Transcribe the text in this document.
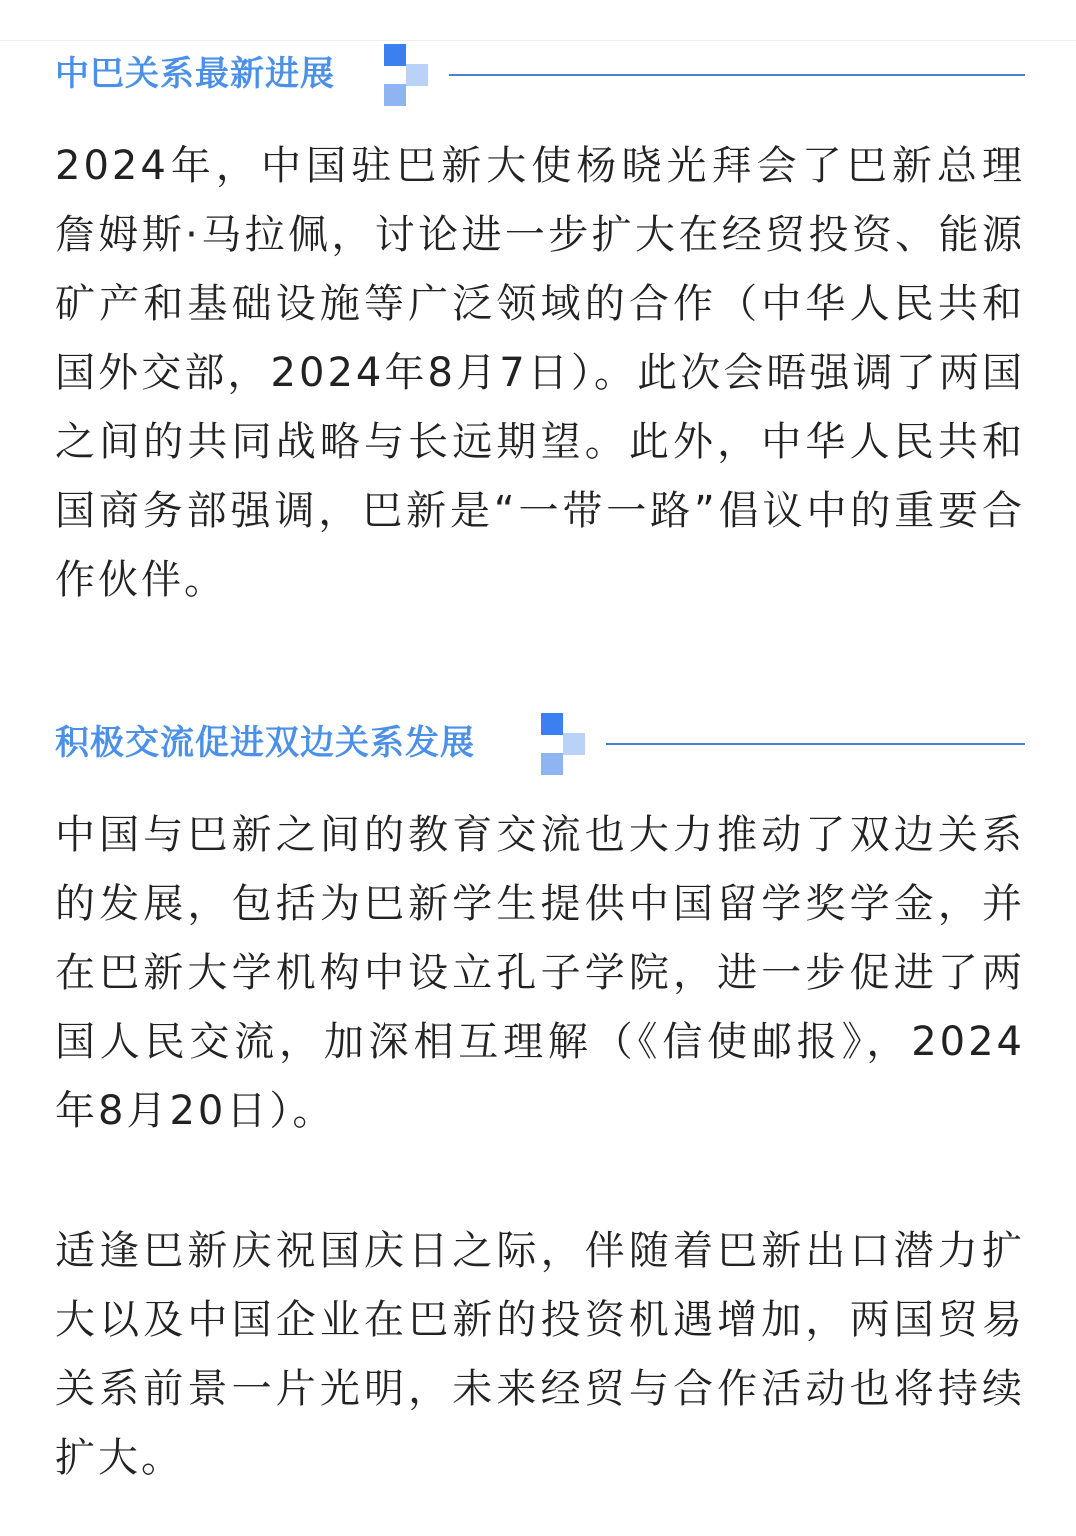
中巴关系最新进展

2024年，中国驻巴新大使杨晓光拜会了巴新总理詹姆斯·马拉佩，讨论进一步扩大在经贸投资、能源矿产和基础设施等广泛领域的合作（中华人民共和国外交部，2024年8月7日）。此次会晤强调了两国之间的共同战略与长远期望。此外，中华人民共和国商务部强调，巴新是“一带一路”倡议中的重要合作伙伴。

积极交流促进双边关系发展

中国与巴新之间的教育交流也大力推动了双边关系的发展，包括为巴新学生提供中国留学奖学金，并在巴新大学机构中设立孔子学院，进一步促进了两国人民交流，加深相互理解（《信使邮报》，2024年8月20日）。

适逢巴新庆祝国庆日之际，伴随着巴新出口潜力扩大以及中国企业在巴新的投资机遇增加，两国贸易关系前景一片光明，未来经贸与合作活动也将持续扩大。
